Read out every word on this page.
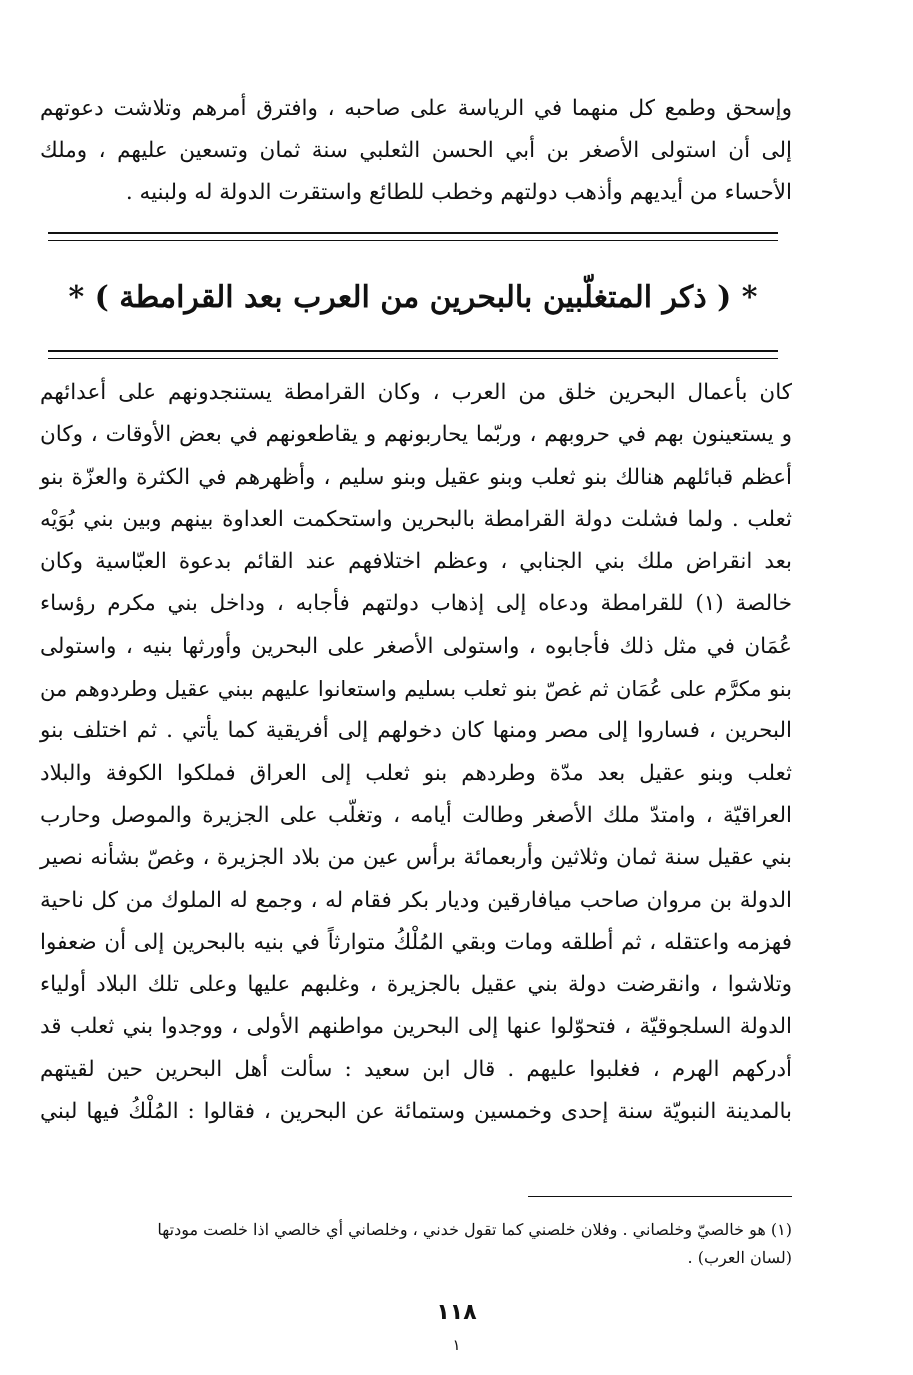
وإسحق وطمع كل منهما في الرياسة على صاحبه ، وافترق أمرهم وتلاشت دعوتهم
إلى أن استولى الأصغر بن أبي الحسن الثعلبي سنة ثمان وتسعين عليهم ، وملك
الأحساء من أيديهم وأذهب دولتهم وخطب للطائع واستقرت الدولة له ولبنيه .
* ( ذكر المتغلّبين بالبحرين من العرب بعد القرامطة ) *
كان بأعمال البحرين خلق من العرب ، وكان القرامطة يستنجدونهم على أعدائهم
و يستعينون بهم في حروبهم ، وربّما يحاربونهم و يقاطعونهم في بعض الأوقات ، وكان
أعظم قبائلهم هنالك بنو ثعلب وبنو عقيل وبنو سليم ، وأظهرهم في الكثرة والعزّة بنو
ثعلب . ولما فشلت دولة القرامطة بالبحرين واستحكمت العداوة بينهم وبين بني بُوَيْه
بعد انقراض ملك بني الجنابي ، وعظم اختلافهم عند القائم بدعوة العبّاسية وكان
خالصة (١) للقرامطة ودعاه إلى إذهاب دولتهم فأجابه ، وداخل بني مكرم رؤساء
عُمَان في مثل ذلك فأجابوه ، واستولى الأصغر على البحرين وأورثها بنيه ، واستولى
بنو مكرَّم على عُمَان ثم غصّ بنو ثعلب بسليم واستعانوا عليهم ببني عقيل وطردوهم من
البحرين ، فساروا إلى مصر ومنها كان دخولهم إلى أفريقية كما يأتي . ثم اختلف بنو
ثعلب وبنو عقيل بعد مدّة وطردهم بنو ثعلب إلى العراق فملكوا الكوفة والبلاد
العراقيّة ، وامتدّ ملك الأصغر وطالت أيامه ، وتغلّب على الجزيرة والموصل وحارب
بني عقيل سنة ثمان وثلاثين وأربعمائة برأس عين من بلاد الجزيرة ، وغصّ بشأنه نصير
الدولة بن مروان صاحب ميافارقين وديار بكر فقام له ، وجمع له الملوك من كل ناحية
فهزمه واعتقله ، ثم أطلقه ومات وبقي المُلْكُ متوارثاً في بنيه بالبحرين إلى أن ضعفوا
وتلاشوا ، وانقرضت دولة بني عقيل بالجزيرة ، وغلبهم عليها وعلى تلك البلاد أولياء
الدولة السلجوقيّة ، فتحوّلوا عنها إلى البحرين مواطنهم الأولى ، ووجدوا بني ثعلب قد
أدركهم الهرم ، فغلبوا عليهم . قال ابن سعيد : سألت أهل البحرين حين لقيتهم
بالمدينة النبويّة سنة إحدى وخمسين وستمائة عن البحرين ، فقالوا : المُلْكُ فيها لبني
(١) هو خالصيّ وخلصاني . وفلان خلصني كما تقول خدني ، وخلصاني أي خالصي اذا خلصت مودتها
(لسان العرب) .
١١٨
١
